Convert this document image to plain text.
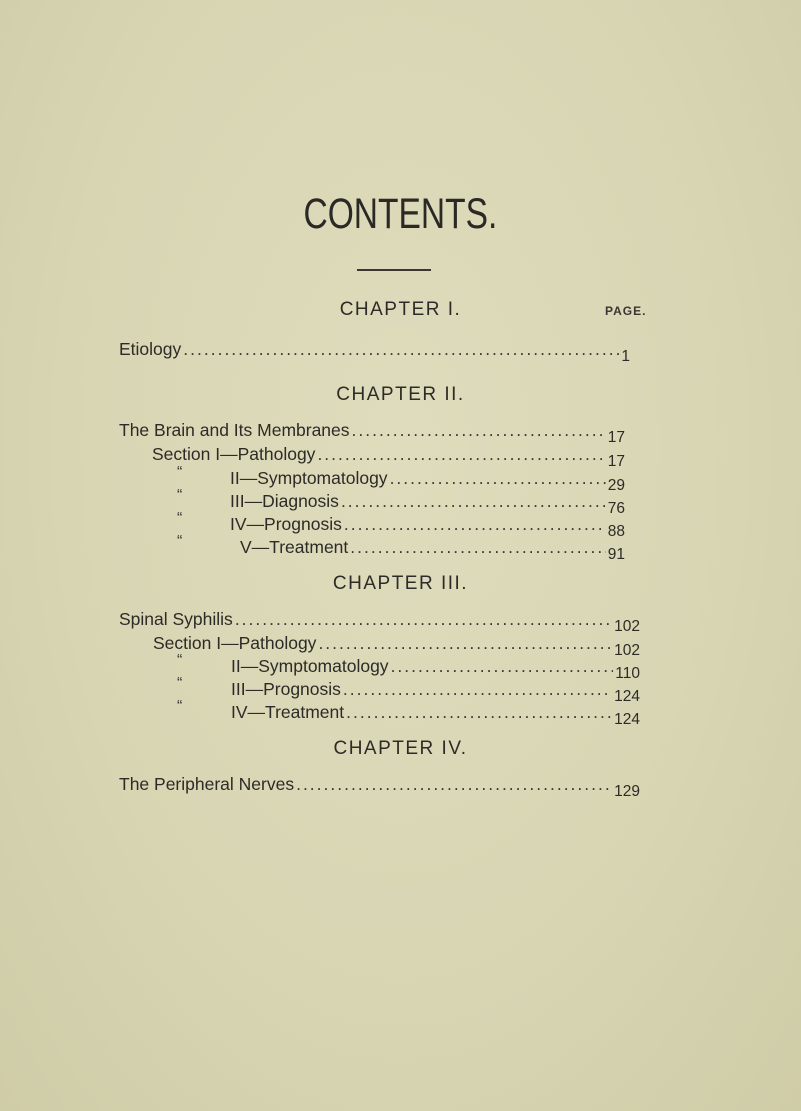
CONTENTS.
CHAPTER I.	PAGE.
Etiology .....	1
CHAPTER II.
The Brain and Its Membranes .....	17
Section I—Pathology .....	17
“	II—Symptomatology .....	29
“	III—Diagnosis .....	76
“	IV—Prognosis .....	88
“	V—Treatment .....	91
CHAPTER III.
Spinal Syphilis .....	102
Section I—Pathology .....	102
“	II—Symptomatology .....	110
“	III—Prognosis .....	124
“	IV—Treatment .....	124
CHAPTER IV.
The Peripheral Nerves .....	129
